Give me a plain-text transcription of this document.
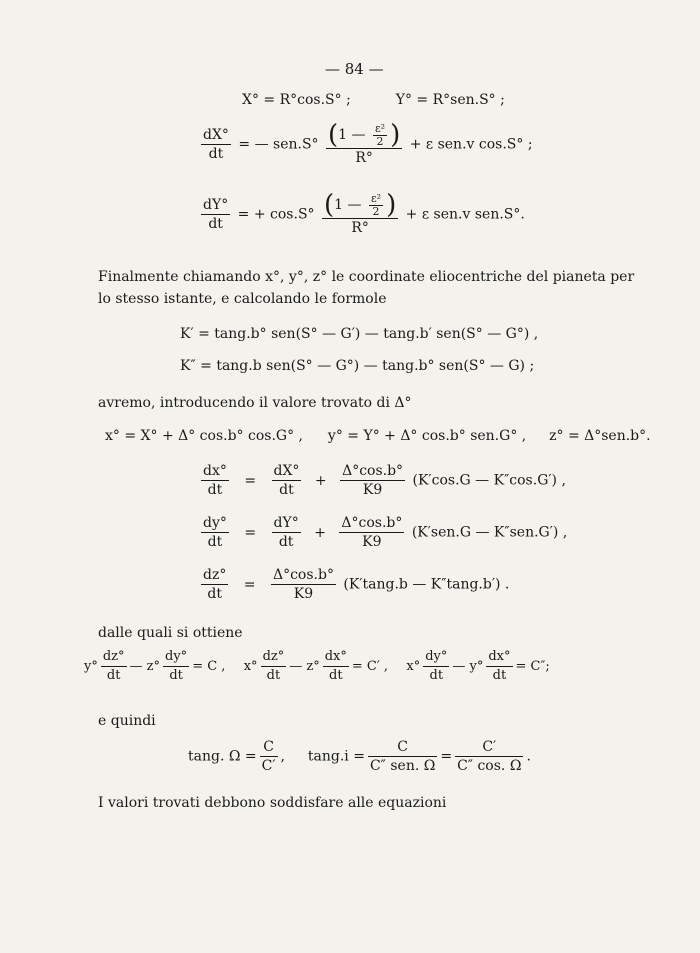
— 84 —
X° = R°cos.S° ;	Y° = R°sen.S° ;
$\frac{dX^\circ}{dt}$ = — $sen.S^\circ \frac{(1 — \frac{\text{ε²}}{2} )}{R^\circ} + \varepsilon$ sen.v cos.S° ;
$\frac{dY^\circ}{dt}$ = + $\cos.S^\circ \frac{(1 — \frac{\text{ε²}}{2} )}{R^\circ} + \varepsilon$ sen.v sen.S°.
Finalmente chiamando x°, y°, z° le coordinate eliocentriche del pianeta per lo stesso istante, e calcolando le formole
K′ = tang.b° sen(S° — G′) — tang.b′ sen(S° — G°) ,
K″ = tang.b sen(S° — G°) — tang.b° sen(S° — G) ;
avremo, introducendo il valore trovato di Δ°
x° = X° + Δ° cos.b° cos.G° , y° = Y° + Δ° cos.b° sen.G° , z° = Δ°sen.b°.
$\frac{dx^\circ}{dt} = \frac{dX^\circ}{dt} + \frac{\Delta^\circ\cos.b^\circ}{K9} (K'\cos.G$ — K″cos.G′) ,
$\frac{dy^\circ}{dt} = \frac{dY^\circ}{dt} + \frac{\Delta^\circ\cos.b^\circ}{K9} (K'sen.G$ — K″sen.G′) ,
$\frac{dz^\circ}{dt} = \frac{\Delta^\circ\cos.b^\circ}{K9} (K'\tan g.b$ — K″tang.b′) .
dalle quali si ottiene
$y^\circ \frac{dz^\circ}{dt}$ — $z^\circ \frac{dy^\circ}{dt} = C$ , $x^\circ \frac{dz^\circ}{dt}$ — $z^\circ \frac{dx^\circ}{dt} = C'$ , $x^\circ \frac{dy^\circ}{dt}$ — $y^\circ \frac{dx^\circ}{dt} = C''$;
e quindi
tang. $\Omega = \frac{C}{C'}$ , $\tan g.i = \frac{C}{\text{C″ sen. Ω}} = \frac{C'}{C'' \cos. \Omega}$ .
I valori trovati debbono soddisfare alle equazioni
